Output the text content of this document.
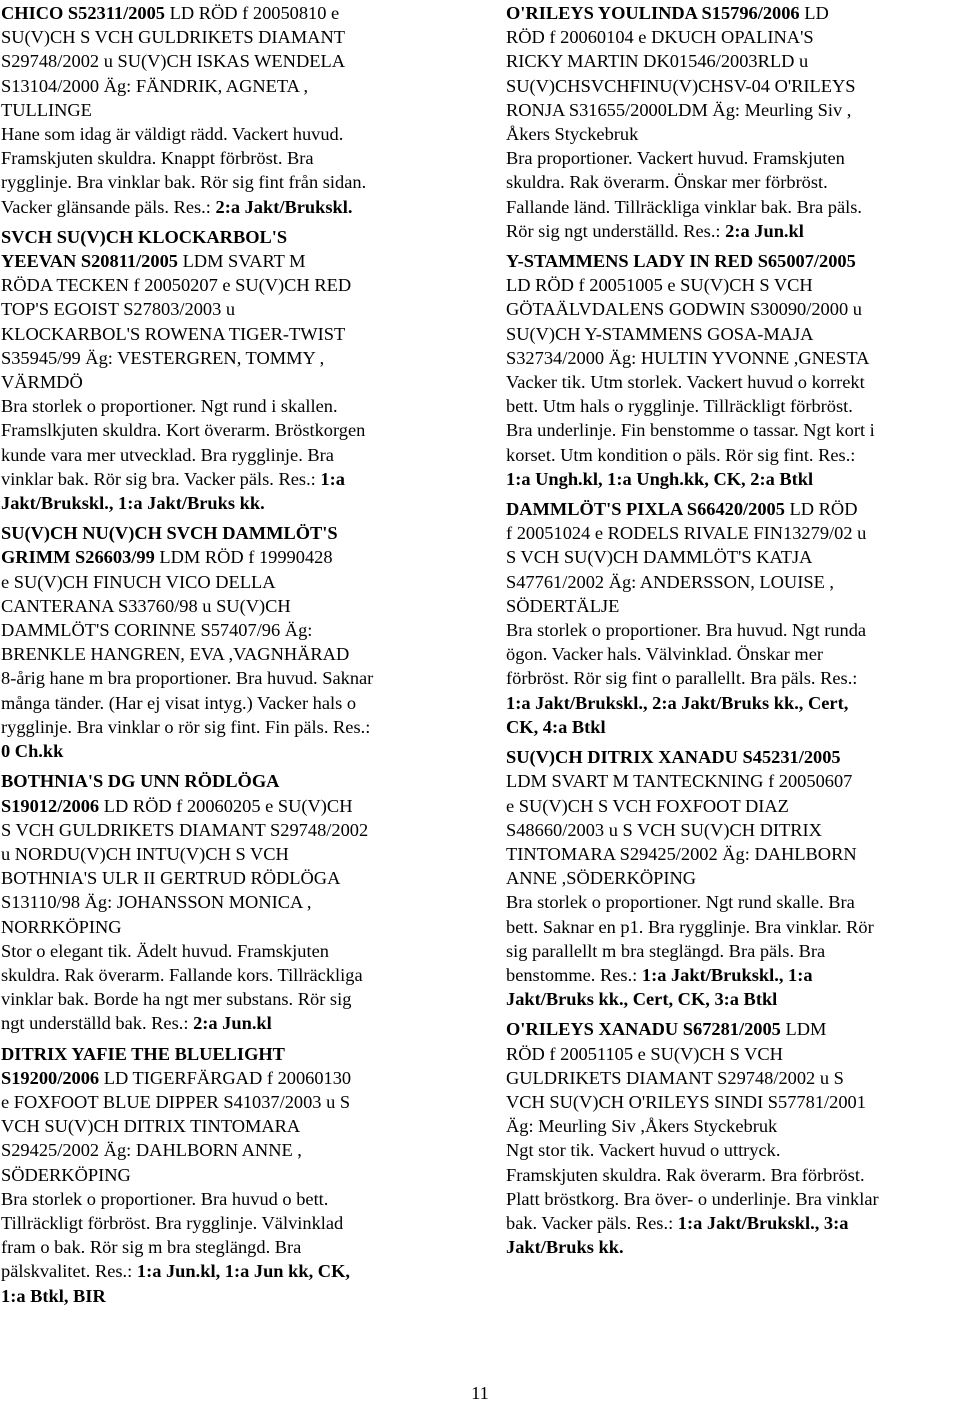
CHICO S52311/2005 LD RÖD f 20050810 e
SU(V)CH S VCH GULDRIKETS DIAMANT
S29748/2002 u SU(V)CH ISKAS WENDELA
S13104/2000 Äg: FÄNDRIK, AGNETA ,
TULLINGE
Hane som idag är väldigt rädd. Vackert huvud.
Framskjuten skuldra. Knappt förbröst. Bra
rygglinje. Bra vinklar bak. Rör sig fint från sidan.
Vacker glänsande päls. Res.: 2:a Jakt/Brukskl.
SVCH SU(V)CH KLOCKARBOL'S
YEEVAN S20811/2005 LDM SVART M
RÖDA TECKEN f 20050207 e SU(V)CH RED
TOP'S EGOIST S27803/2003 u
KLOCKARBOL'S ROWENA TIGER-TWIST
S35945/99 Äg: VESTERGREN, TOMMY ,
VÄRMDÖ
Bra storlek o proportioner. Ngt rund i skallen.
Framslkjuten skuldra. Kort överarm. Bröstkorgen
kunde vara mer utvecklad. Bra rygglinje. Bra
vinklar bak. Rör sig bra. Vacker päls. Res.: 1:a
Jakt/Brukskl., 1:a Jakt/Bruks kk.
SU(V)CH NU(V)CH SVCH DAMMLÖT'S
GRIMM S26603/99 LDM RÖD f 19990428
e SU(V)CH FINUCH VICO DELLA
CANTERANA S33760/98 u SU(V)CH
DAMMLÖT'S CORINNE S57407/96 Äg:
BRENKLE HANGREN, EVA ,VAGNHÄRAD
8-årig hane m bra proportioner. Bra huvud. Saknar
många tänder. (Har ej visat intyg.) Vacker hals o
rygglinje. Bra vinklar o rör sig fint. Fin päls. Res.:
0 Ch.kk
BOTHNIA'S DG UNN RÖDLÖGA
S19012/2006 LD RÖD f 20060205 e SU(V)CH
S VCH GULDRIKETS DIAMANT S29748/2002
u NORDU(V)CH INTU(V)CH S VCH
BOTHNIA'S ULR II GERTRUD RÖDLÖGA
S13110/98 Äg: JOHANSSON MONICA ,
NORRKÖPING
Stor o elegant tik. Ädelt huvud. Framskjuten
skuldra. Rak överarm. Fallande kors. Tillräckliga
vinklar bak. Borde ha ngt mer substans. Rör sig
ngt underställd bak. Res.: 2:a Jun.kl
DITRIX YAFIE THE BLUELIGHT
S19200/2006 LD TIGERFÄRGAD f 20060130
e FOXFOOT BLUE DIPPER S41037/2003 u S
VCH SU(V)CH DITRIX TINTOMARA
S29425/2002 Äg: DAHLBORN ANNE ,
SÖDERKÖPING
Bra storlek o proportioner. Bra huvud o bett.
Tillräckligt förbröst. Bra rygglinje. Välvinklad
fram o bak. Rör sig m bra steglängd. Bra
pälskvalitet. Res.: 1:a Jun.kl, 1:a Jun kk, CK,
1:a Btkl, BIR
O'RILEYS YOULINDA S15796/2006 LD
RÖD f 20060104 e DKUCH OPALINA'S
RICKY MARTIN DK01546/2003RLD u
SU(V)CHSVCHFINU(V)CHSV-04 O'RILEYS
RONJA S31655/2000LDM Äg: Meurling Siv ,
Åkers Styckebruk
Bra proportioner. Vackert huvud. Framskjuten
skuldra. Rak överarm. Önskar mer förbröst.
Fallande länd. Tillräckliga vinklar bak. Bra päls.
Rör sig ngt underställd. Res.: 2:a Jun.kl
Y-STAMMENS LADY IN RED S65007/2005
LD RÖD f 20051005 e SU(V)CH S VCH
GÖTAÄLVDALENS GODWIN S30090/2000 u
SU(V)CH Y-STAMMENS GOSA-MAJA
S32734/2000 Äg: HULTIN YVONNE ,GNESTA
Vacker tik. Utm storlek. Vackert huvud o korrekt
bett. Utm hals o rygglinje. Tillräckligt förbröst.
Bra underlinje. Fin benstomme o tassar. Ngt kort i
korset. Utm kondition o päls. Rör sig fint. Res.:
1:a Ungh.kl, 1:a Ungh.kk, CK, 2:a Btkl
DAMMLÖT'S PIXLA S66420/2005 LD RÖD
f 20051024 e RODELS RIVALE FIN13279/02 u
S VCH SU(V)CH DAMMLÖT'S KATJA
S47761/2002 Äg: ANDERSSON, LOUISE ,
SÖDERTÄLJE
Bra storlek o proportioner. Bra huvud. Ngt runda
ögon. Vacker hals. Välvinklad. Önskar mer
förbröst. Rör sig fint o parallellt. Bra päls. Res.:
1:a Jakt/Brukskl., 2:a Jakt/Bruks kk., Cert,
CK, 4:a Btkl
SU(V)CH DITRIX XANADU S45231/2005
LDM SVART M TANTECKNING f 20050607
e SU(V)CH S VCH FOXFOOT DIAZ
S48660/2003 u S VCH SU(V)CH DITRIX
TINTOMARA S29425/2002 Äg: DAHLBORN
ANNE ,SÖDERKÖPING
Bra storlek o proportioner. Ngt rund skalle. Bra
bett. Saknar en p1. Bra rygglinje. Bra vinklar. Rör
sig parallellt m bra steglängd. Bra päls. Bra
benstomme. Res.: 1:a Jakt/Brukskl., 1:a
Jakt/Bruks kk., Cert, CK, 3:a Btkl
O'RILEYS XANADU S67281/2005 LDM
RÖD f 20051105 e SU(V)CH S VCH
GULDRIKETS DIAMANT S29748/2002 u S
VCH SU(V)CH O'RILEYS SINDI S57781/2001
Äg: Meurling Siv ,Åkers Styckebruk
Ngt stor tik. Vackert huvud o uttryck.
Framskjuten skuldra. Rak överarm. Bra förbröst.
Platt bröstkorg. Bra över- o underlinje. Bra vinklar
bak. Vacker päls. Res.: 1:a Jakt/Brukskl., 3:a
Jakt/Bruks kk.
11
